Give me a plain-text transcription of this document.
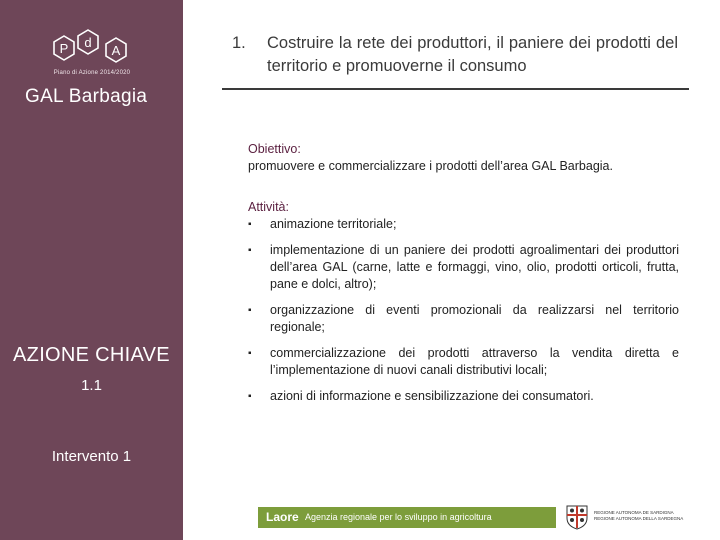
P d
A
Piano di Azione 2014/2020
GAL Barbagia
AZIONE CHIAVE
1.1
Intervento 1
1. Costruire la rete dei produttori, il paniere dei prodotti del territorio e promuoverne il consumo
Obiettivo:
promuovere e commercializzare i prodotti dell’area GAL Barbagia.
Attività:
▪ animazione territoriale;
▪ implementazione di un paniere dei prodotti agroalimentari dei produttori dell’area GAL (carne, latte e formaggi, vino, olio, prodotti orticoli, frutta, pane e dolci, altro);
▪ organizzazione di eventi promozionali da realizzarsi nel territorio regionale;
▪ commercializzazione dei prodotti attraverso la vendita diretta e l’implementazione di nuovi canali distributivi locali;
▪ azioni di informazione e sensibilizzazione dei consumatori.
Laore Agenzia regionale per lo sviluppo in agricoltura	REGIONE AUTONOMA DE SARDIGNA
REGIONE AUTONOMA DELLA SARDEGNA
